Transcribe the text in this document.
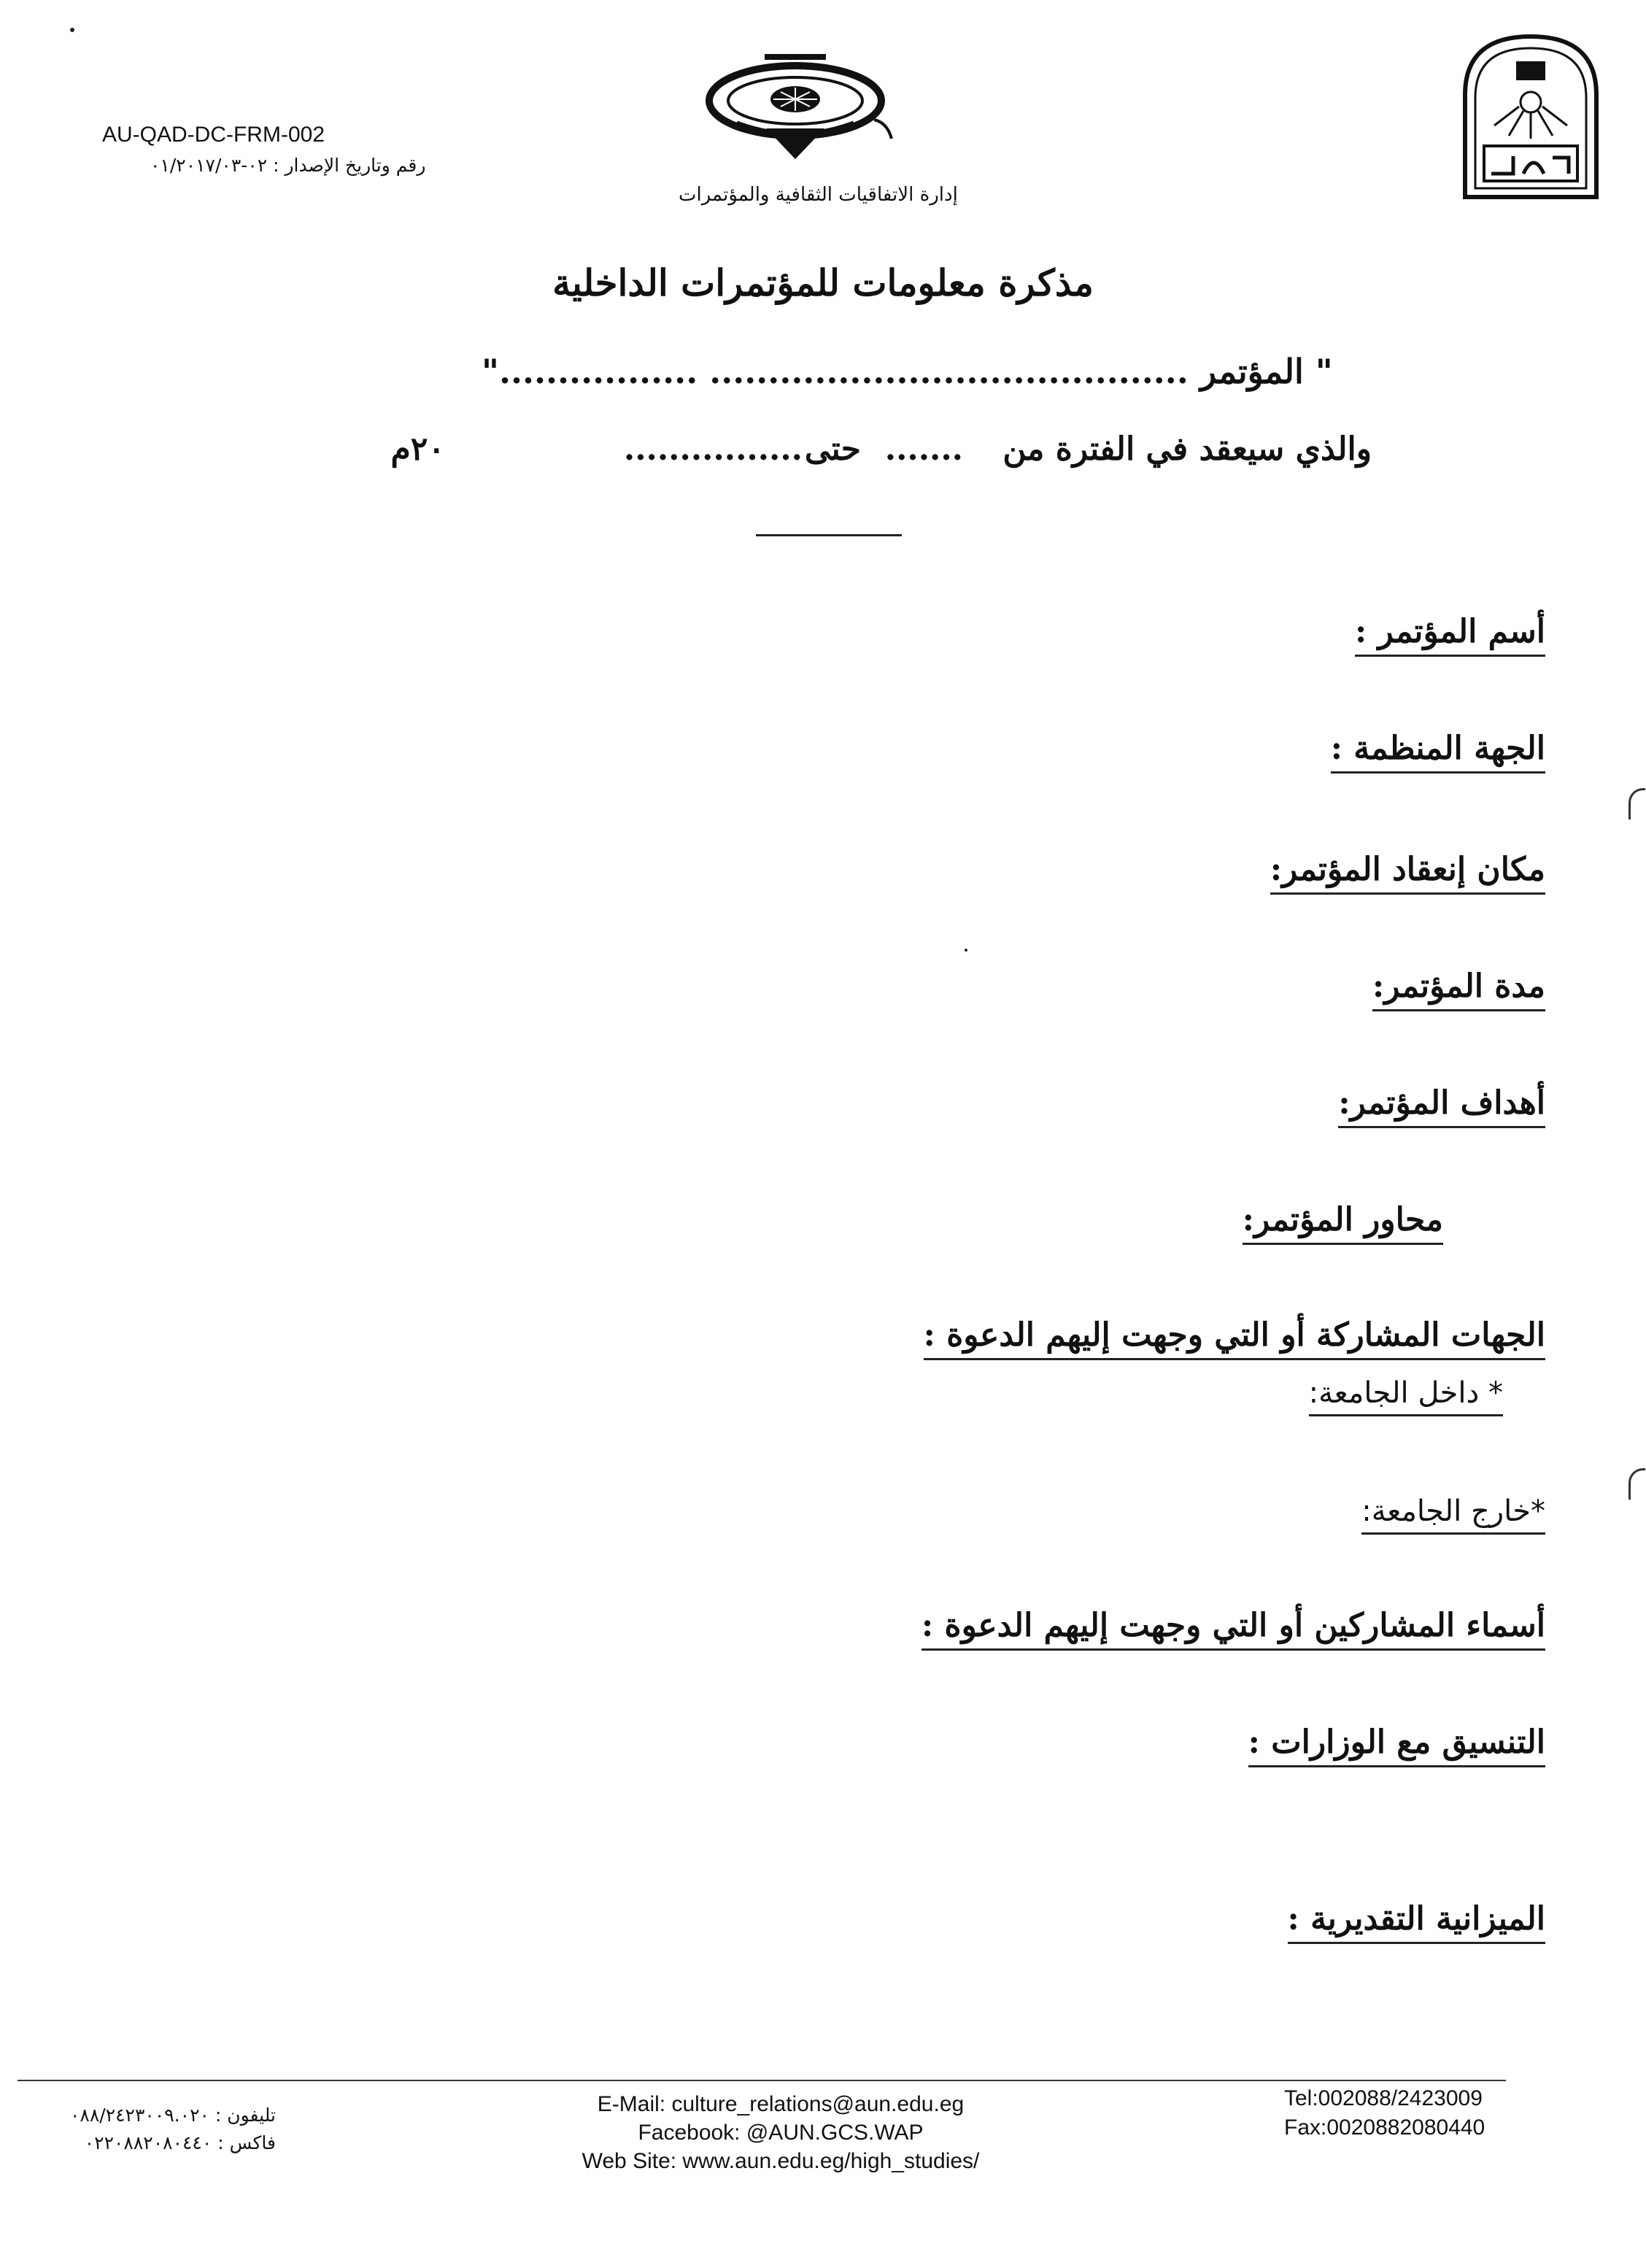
AU-QAD-DC-FRM-002
رقم وتاريخ الإصدار : ٠٢-٠١/٢٠١٧/٠٣
إدارة الاتفاقيات الثقافية والمؤتمرات
مذكرة معلومات للمؤتمرات الداخلية
" المؤتمر ......................................... ................."
والذي سيعقد في الفترة من
.......
حتى
................
٢٠م
أسم المؤتمر :
الجهة المنظمة :
مكان إنعقاد المؤتمر:
مدة المؤتمر:
أهداف المؤتمر:
محاور المؤتمر:
الجهات المشاركة أو التي وجهت إليهم الدعوة :
* داخل الجامعة:
*خارج الجامعة:
أسماء المشاركين أو التي وجهت إليهم الدعوة :
التنسيق مع الوزارات :
الميزانية التقديرية :
تليفون : ٠٨٨/٢٤٢٣٠٠٩.٠٢٠
فاكس : ٠٢٢٠٨٨٢٠٨٠٤٤٠
E-Mail: culture_relations@aun.edu.eg
Facebook: @AUN.GCS.WAP
Web Site: www.aun.edu.eg/high_studies/
Tel:002088/2423009
Fax:0020882080440
